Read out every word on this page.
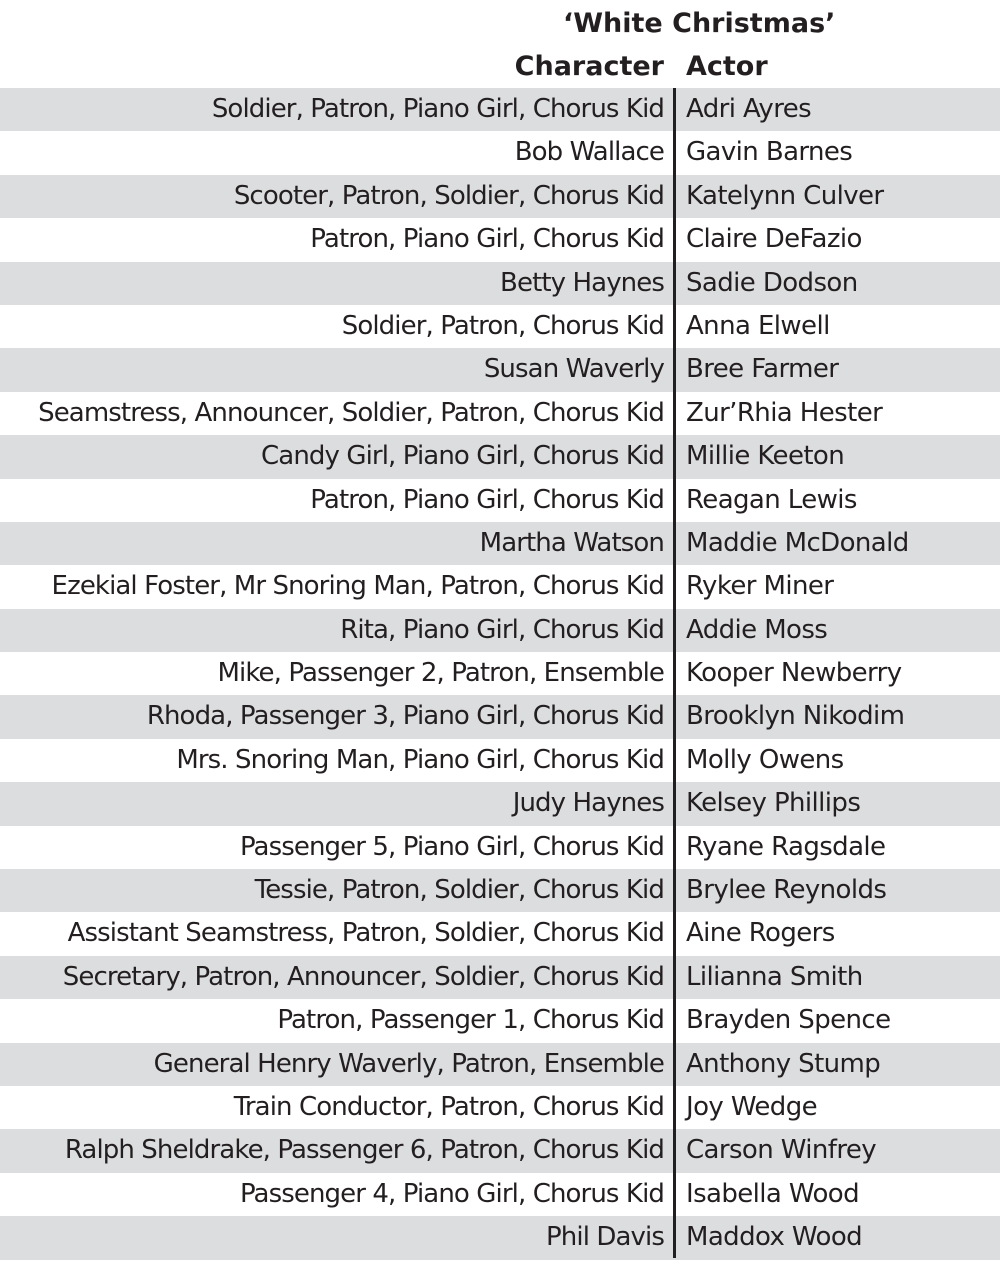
‘White Christmas’
Character Actor
Soldier, Patron, Piano Girl, Chorus Kid Adri Ayres
Bob Wallace Gavin Barnes
Scooter, Patron, Soldier, Chorus Kid Katelynn Culver
Patron, Piano Girl, Chorus Kid Claire DeFazio
Betty Haynes Sadie Dodson
Soldier, Patron, Chorus Kid Anna Elwell
Susan Waverly Bree Farmer
Seamstress, Announcer, Soldier, Patron, Chorus Kid Zur’Rhia Hester
Candy Girl, Piano Girl, Chorus Kid Millie Keeton
Patron, Piano Girl, Chorus Kid Reagan Lewis
Martha Watson Maddie McDonald
Ezekial Foster, Mr Snoring Man, Patron, Chorus Kid Ryker Miner
Rita, Piano Girl, Chorus Kid Addie Moss
Mike, Passenger 2, Patron, Ensemble Kooper Newberry
Rhoda, Passenger 3, Piano Girl, Chorus Kid Brooklyn Nikodim
Mrs. Snoring Man, Piano Girl, Chorus Kid Molly Owens
Judy Haynes Kelsey Phillips
Passenger 5, Piano Girl, Chorus Kid Ryane Ragsdale
Tessie, Patron, Soldier, Chorus Kid Brylee Reynolds
Assistant Seamstress, Patron, Soldier, Chorus Kid Aine Rogers
Secretary, Patron, Announcer, Soldier, Chorus Kid Lilianna Smith
Patron, Passenger 1, Chorus Kid Brayden Spence
General Henry Waverly, Patron, Ensemble Anthony Stump
Train Conductor, Patron, Chorus Kid Joy Wedge
Ralph Sheldrake, Passenger 6, Patron, Chorus Kid Carson Winfrey
Passenger 4, Piano Girl, Chorus Kid Isabella Wood
Phil Davis Maddox Wood
